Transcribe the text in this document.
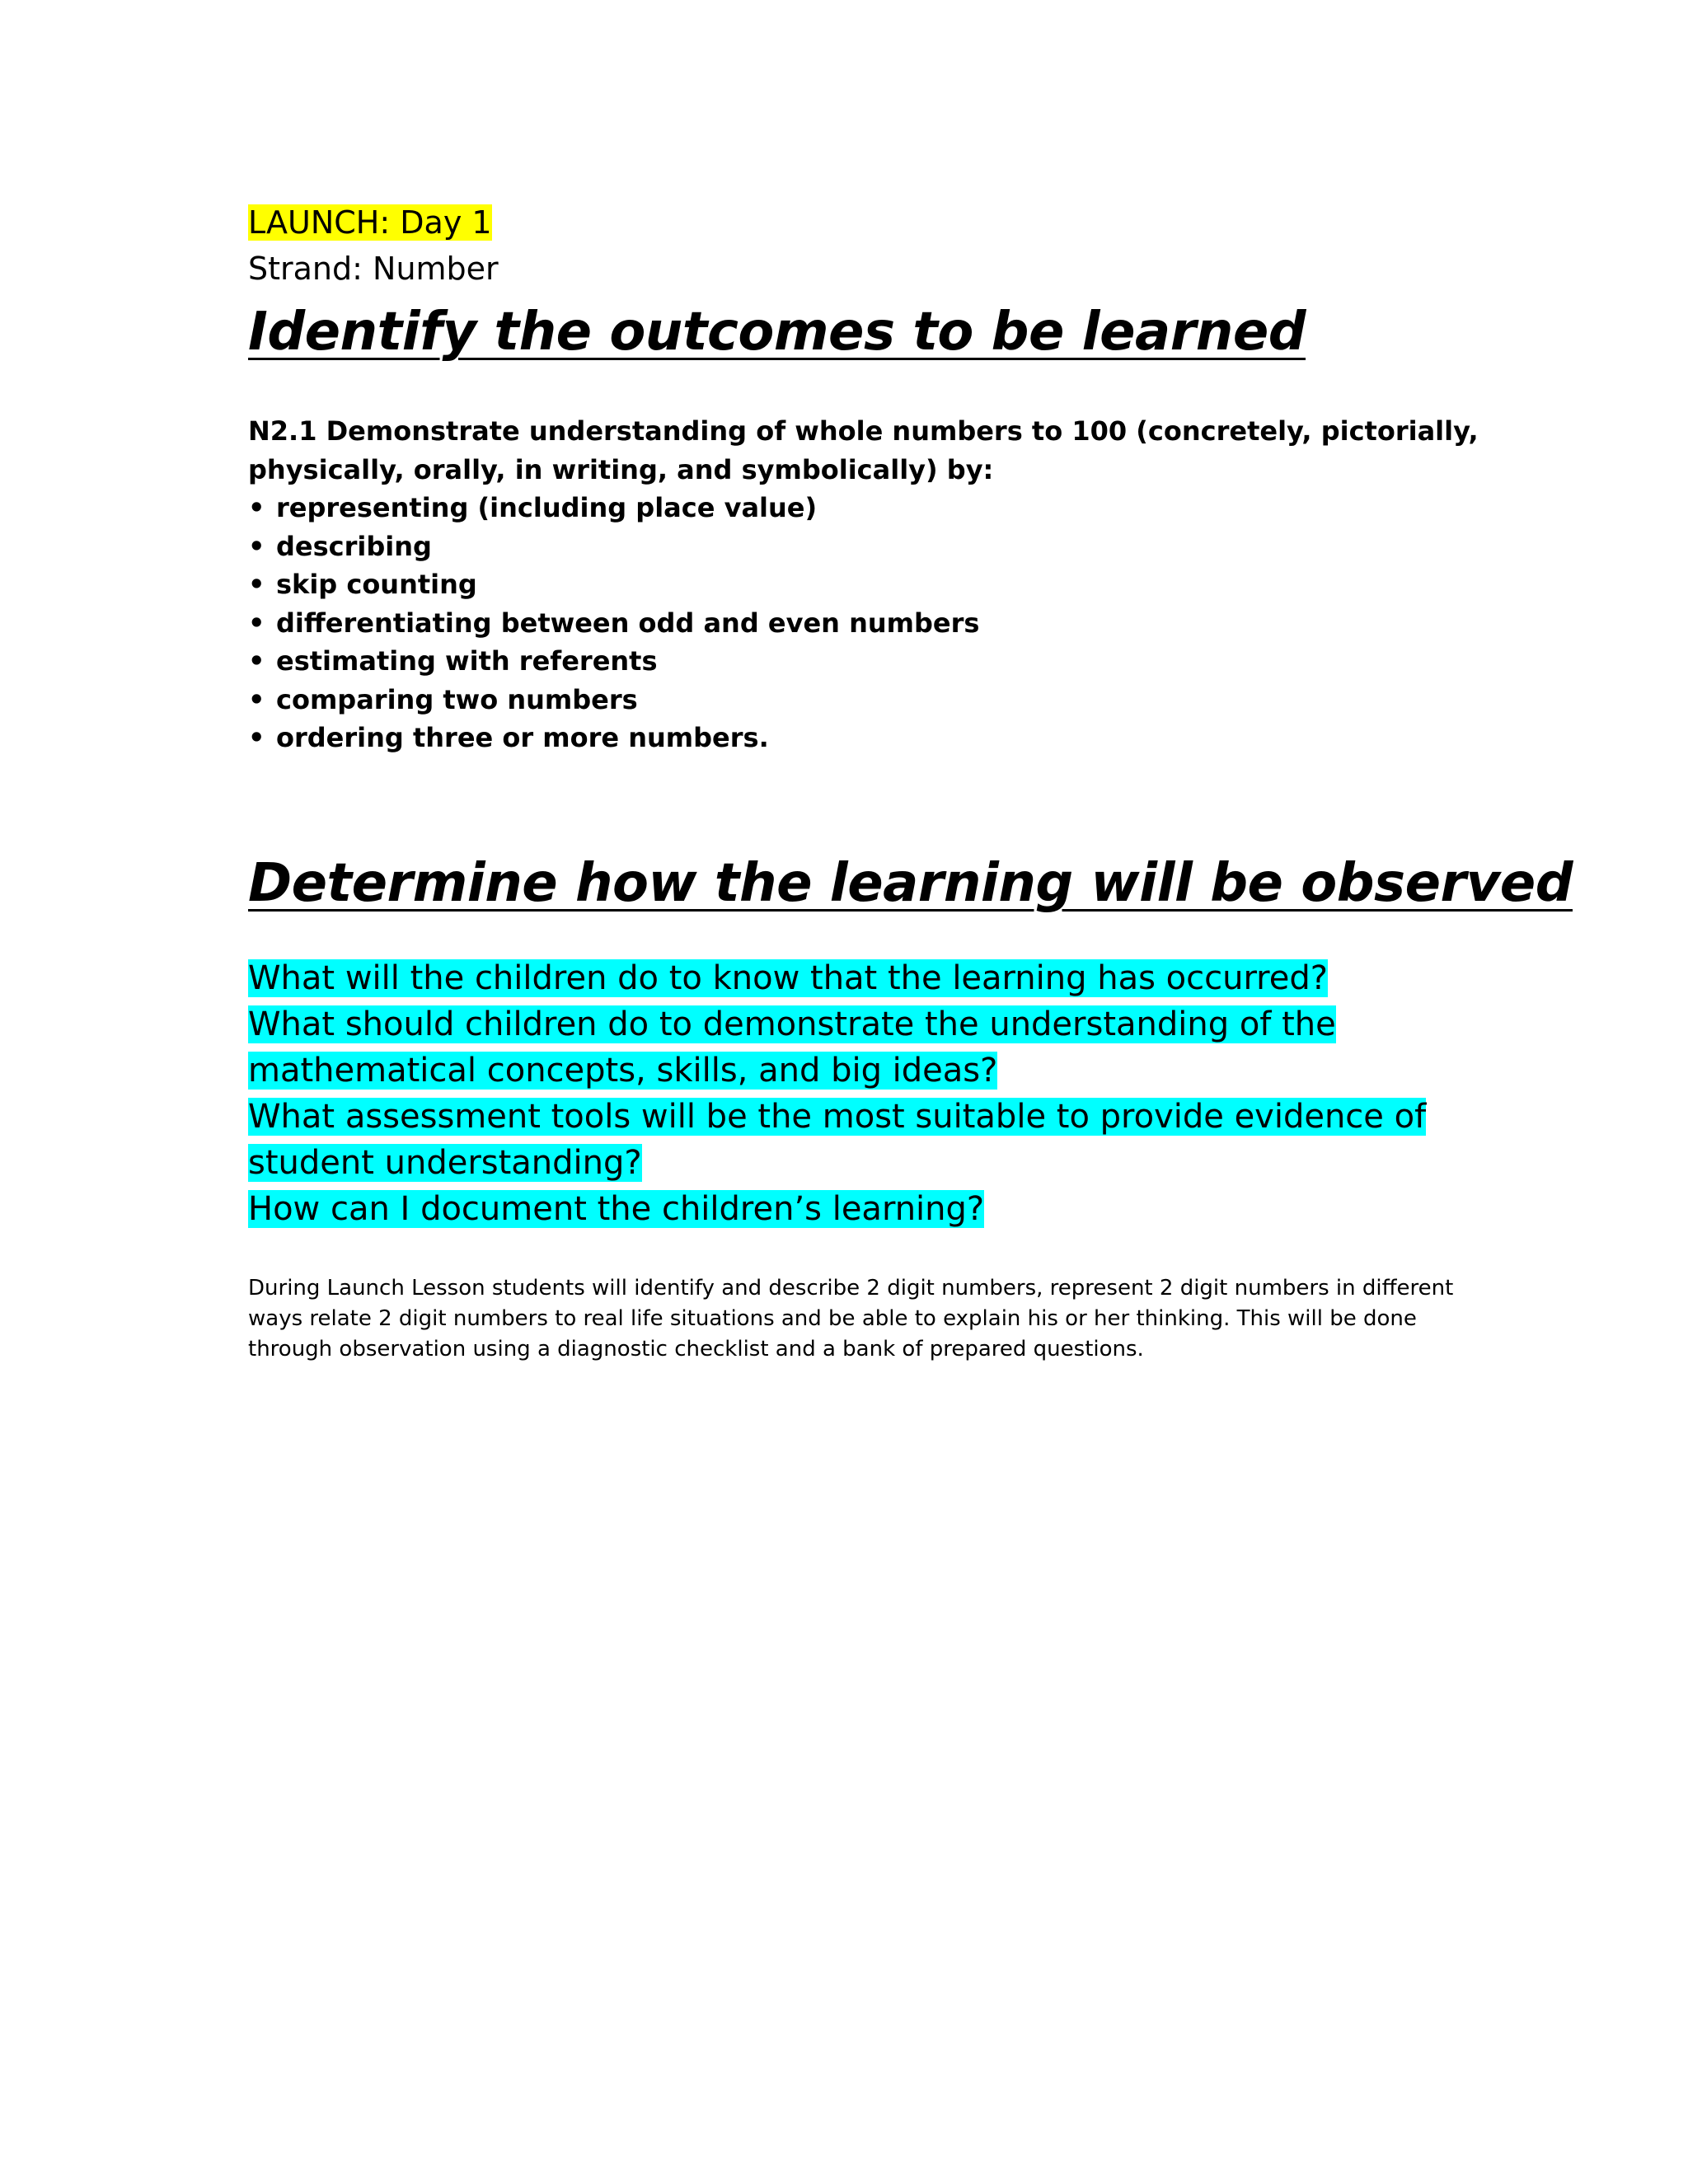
LAUNCH: Day 1
Strand: Number
Identify the outcomes to be learned
N2.1 Demonstrate understanding of whole numbers to 100 (concretely, pictorially,
physically, orally, in writing, and symbolically) by:
• representing (including place value)
• describing
• skip counting
• differentiating between odd and even numbers
• estimating with referents
• comparing two numbers
• ordering three or more numbers.
Determine how the learning will be observed
What will the children do to know that the learning has occurred?
What should children do to demonstrate the understanding of the
mathematical concepts, skills, and big ideas?
What assessment tools will be the most suitable to provide evidence of
student understanding?
How can I document the children’s learning?
During Launch Lesson students will identify and describe 2 digit numbers, represent 2 digit numbers in different
ways relate 2 digit numbers to real life situations and be able to explain his or her thinking. This will be done
through observation using a diagnostic checklist and a bank of prepared questions.
